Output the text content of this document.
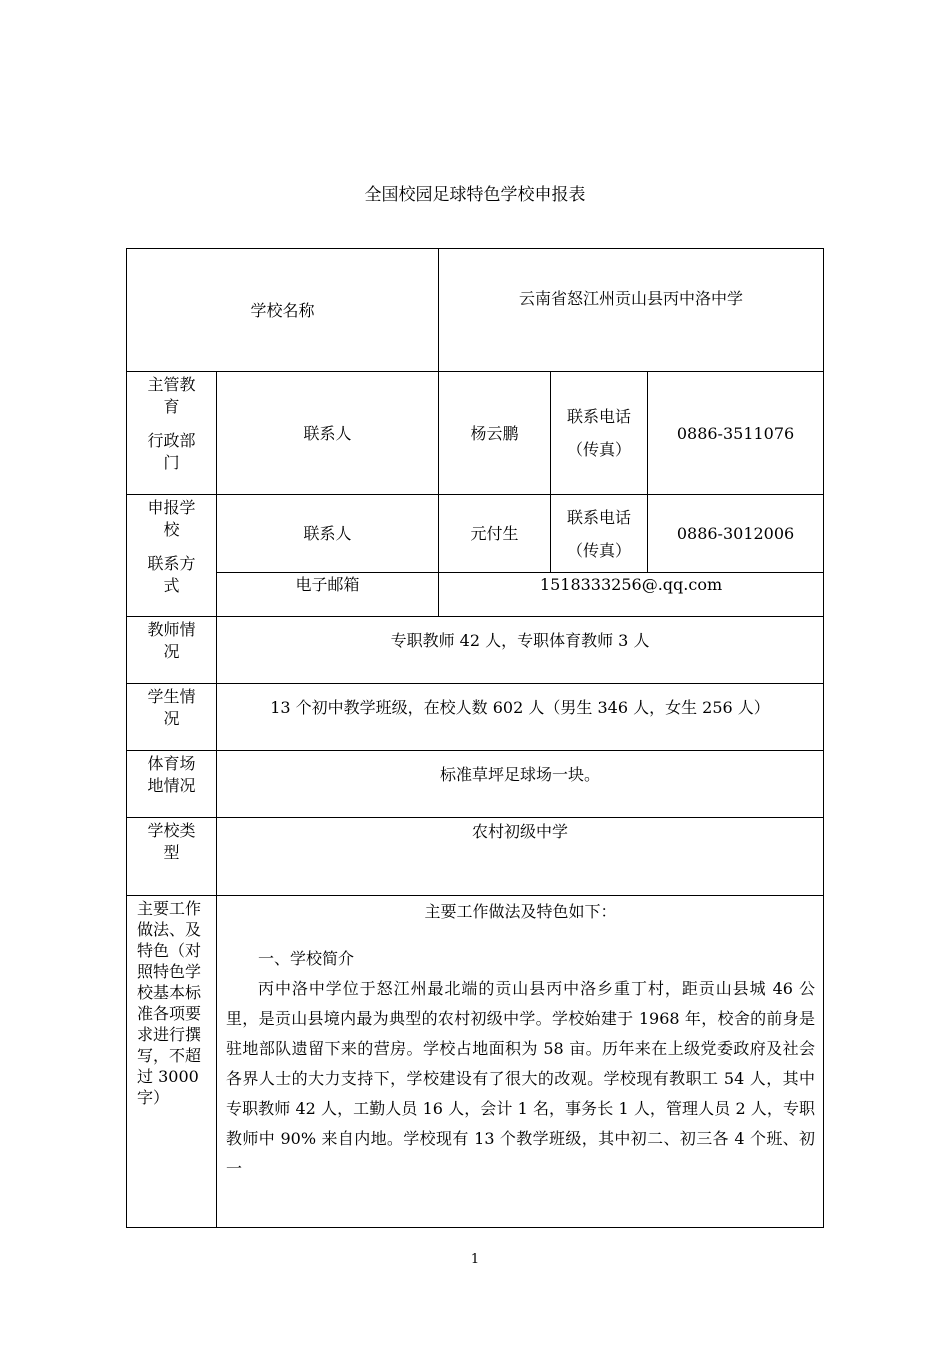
全国校园足球特色学校申报表
学校名称		云南省怒江州贡山县丙中洛中学		

主管教育
行政部门	联系人	杨云鹏	联系电话
（传真）	0886-3511076

申报学校
联系方式	联系人	元付生	联系电话
（传真）	0886-3012006
	电子邮箱	1518333256@.qq.com		

教师情况	专职教师 42 人，专职体育教师 3 人			

学生情况	13 个初中教学班级，在校人数 602 人（男生 346 人，女生 256 人）			

体育场地情况	标准草坪足球场一块。			

学校类型	农村初级中学			

主要工作做法、及特色（对照特色学校基本标准各项要求进行撰写，不超过 3000 字）	主要工作做法及特色如下：
一、学校简介
丙中洛中学位于怒江州最北端的贡山县丙中洛乡重丁村，距贡山县城 46 公里，是贡山县境内最为典型的农村初级中学。学校始建于 1968 年，校舍的前身是驻地部队遗留下来的营房。学校占地面积为 58 亩。历年来在上级党委政府及社会各界人士的大力支持下，学校建设有了很大的改观。学校现有教职工 54 人，其中专职教师 42 人，工勤人员 16 人，会计 1 名，事务长 1 人，管理人员 2 人，专职教师中 90% 来自内地。学校现有 13 个教学班级，其中初二、初三各 4 个班、初一			
1
